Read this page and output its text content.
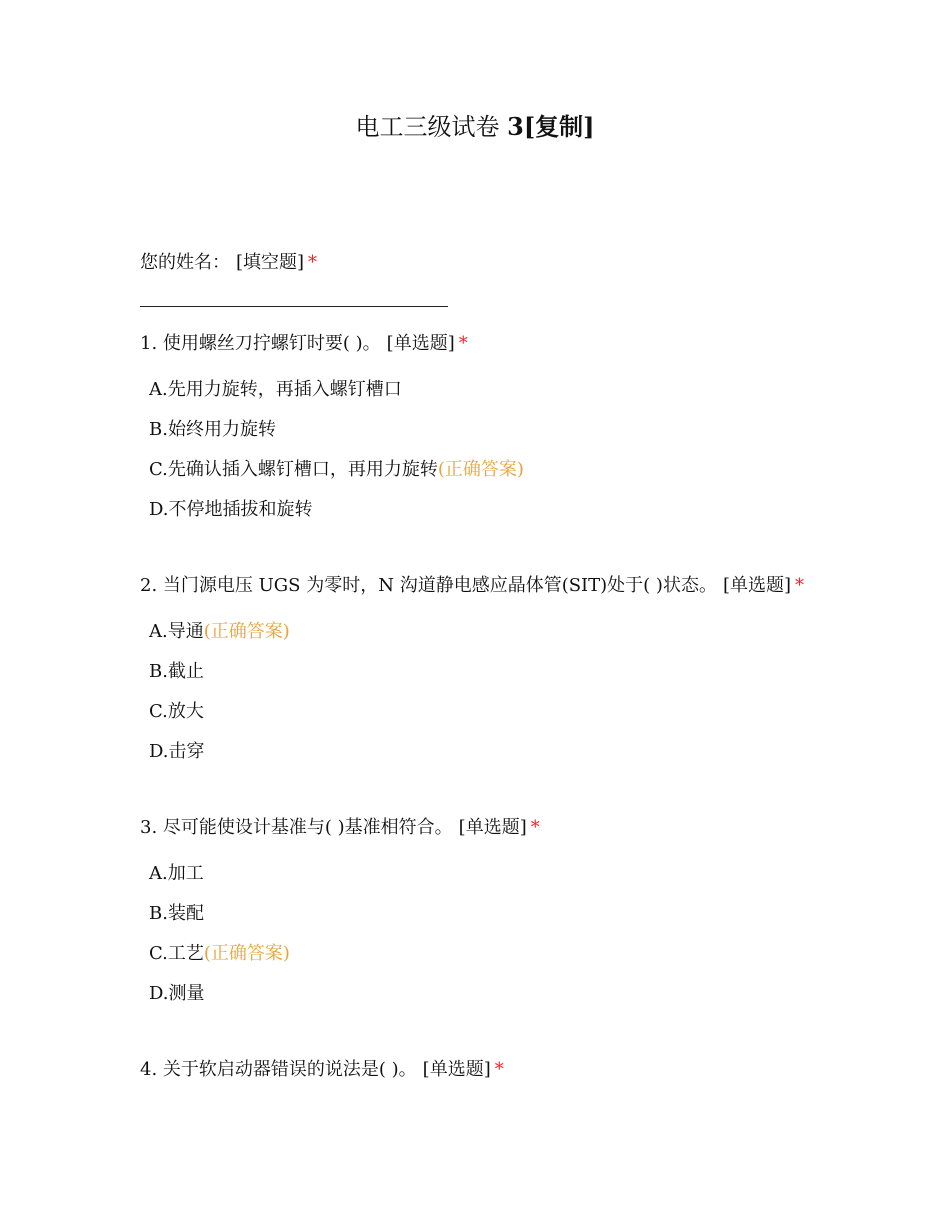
电工三级试卷 3[复制]
您的姓名： [填空题] *
1. 使用螺丝刀拧螺钉时要( )。 [单选题] *
A.先用力旋转，再插入螺钉槽口
B.始终用力旋转
C.先确认插入螺钉槽口，再用力旋转(正确答案)
D.不停地插拔和旋转
2. 当门源电压 UGS 为零时，N 沟道静电感应晶体管(SIT)处于( )状态。 [单选题] *
A.导通(正确答案)
B.截止
C.放大
D.击穿
3. 尽可能使设计基准与( )基准相符合。 [单选题] *
A.加工
B.装配
C.工艺(正确答案)
D.测量
4. 关于软启动器错误的说法是( )。 [单选题] *
